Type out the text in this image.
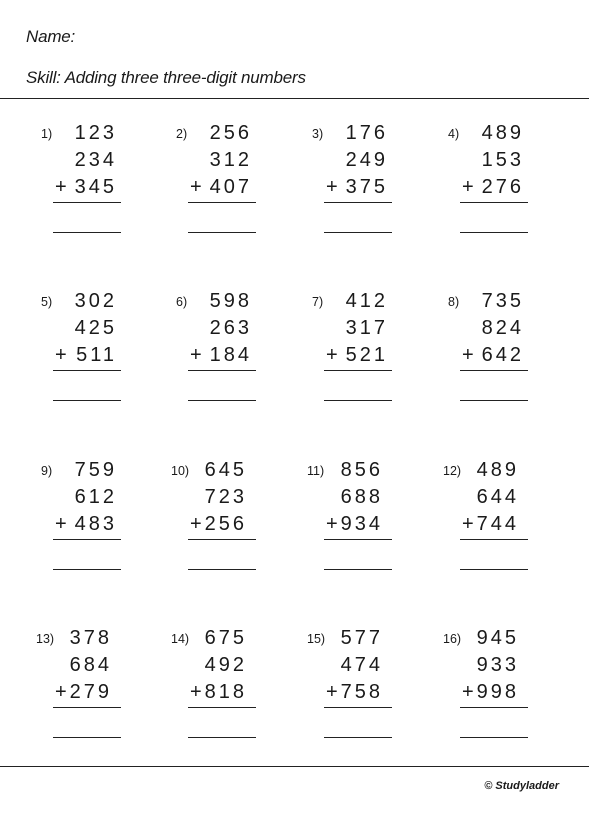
Name:
Skill: Adding three three-digit numbers
1) 123
234
+ 345
2) 256
312
+ 407
3) 176
249
+ 375
4) 489
153
+ 276
5) 302
425
+ 511
6) 598
263
+ 184
7) 412
317
+ 521
8) 735
824
+ 642
9) 759
612
+ 483
10) 645
723
+ 256
11) 856
688
+ 934
12) 489
644
+ 744
13) 378
684
+ 279
14) 675
492
+ 818
15) 577
474
+ 758
16) 945
933
+ 998
© Studyladder
